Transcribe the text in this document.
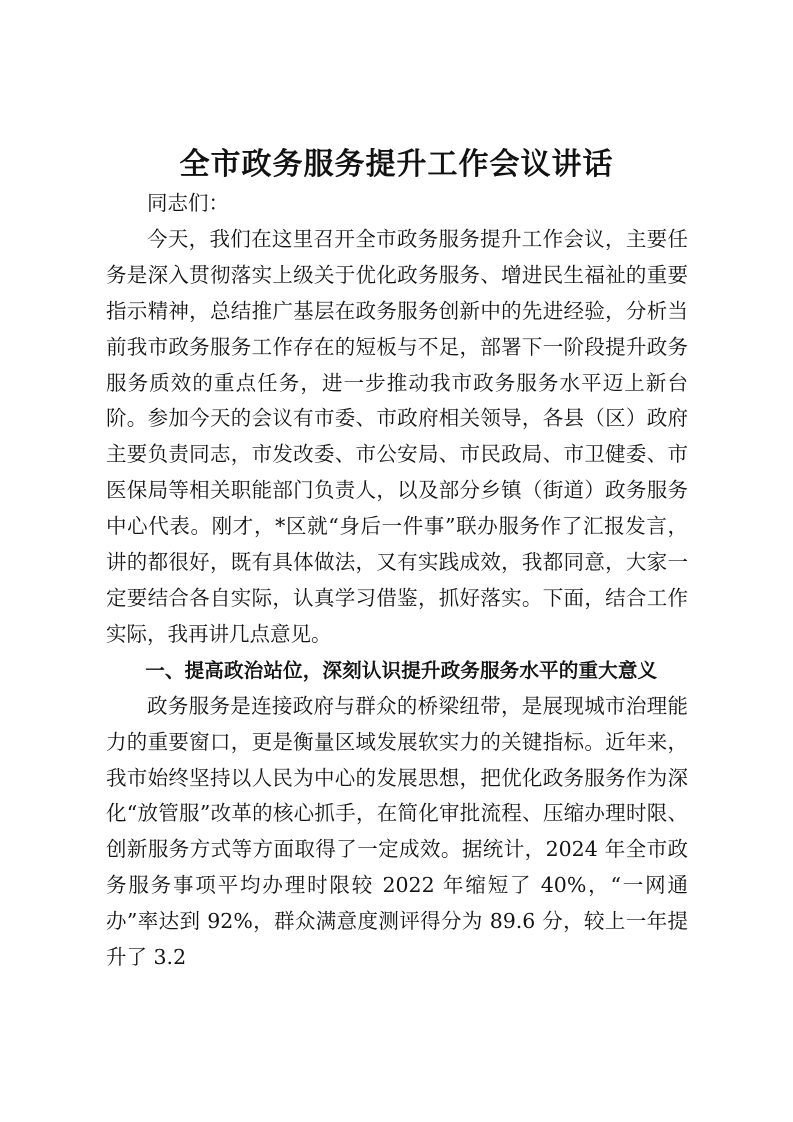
全市政务服务提升工作会议讲话

同志们：

今天，我们在这里召开全市政务服务提升工作会议，主要任务是深入贯彻落实上级关于优化政务服务、增进民生福祉的重要指示精神，总结推广基层在政务服务创新中的先进经验，分析当前我市政务服务工作存在的短板与不足，部署下一阶段提升政务服务质效的重点任务，进一步推动我市政务服务水平迈上新台阶。参加今天的会议有市委、市政府相关领导，各县（区）政府主要负责同志，市发改委、市公安局、市民政局、市卫健委、市医保局等相关职能部门负责人，以及部分乡镇（街道）政务服务中心代表。刚才，*区就“身后一件事”联办服务作了汇报发言，讲的都很好，既有具体做法，又有实践成效，我都同意，大家一定要结合各自实际，认真学习借鉴，抓好落实。下面，结合工作实际，我再讲几点意见。

一、提高政治站位，深刻认识提升政务服务水平的重大意义

政务服务是连接政府与群众的桥梁纽带，是展现城市治理能力的重要窗口，更是衡量区域发展软实力的关键指标。近年来，我市始终坚持以人民为中心的发展思想，把优化政务服务作为深化“放管服”改革的核心抓手，在简化审批流程、压缩办理时限、创新服务方式等方面取得了一定成效。据统计，2024 年全市政务服务事项平均办理时限较 2022 年缩短了 40%，“一网通办”率达到 92%，群众满意度测评得分为 89.6 分，较上一年提升了 3.2
